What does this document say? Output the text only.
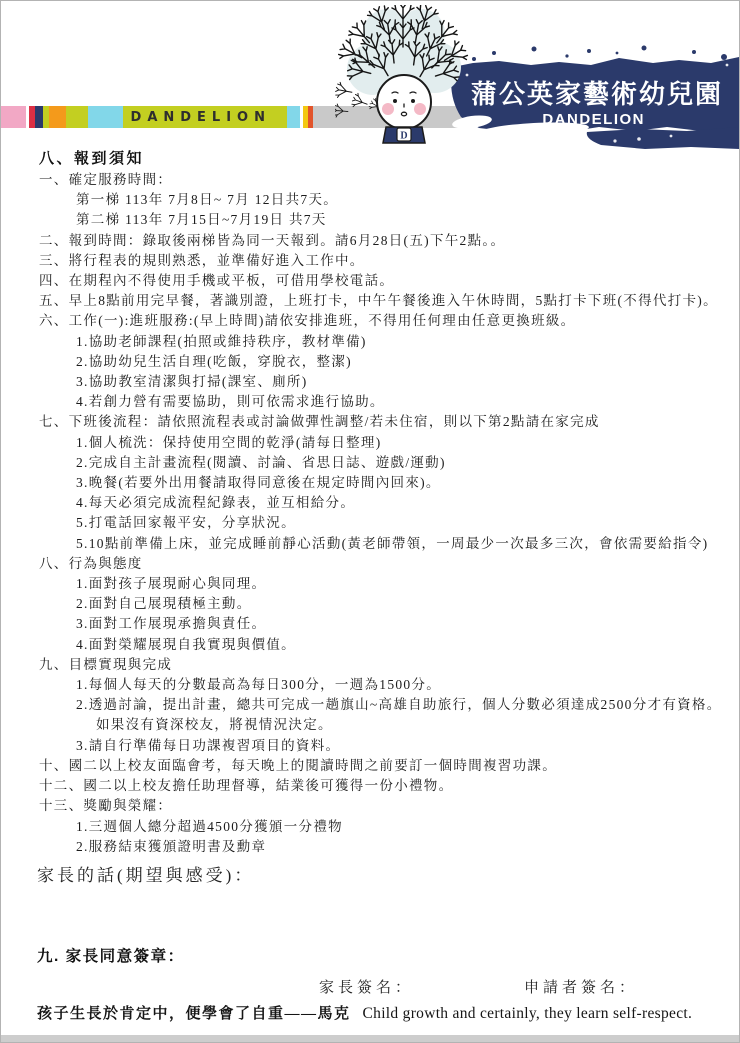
DANDELION
蒲公英家藝術幼兒園
DANDELION
Children
D
八、報到須知
一、確定服務時間：
第一梯 113年 7月8日~ 7月 12日共7天。
第二梯 113年 7月15日~7月19日 共7天
二、報到時間：錄取後兩梯皆為同一天報到。請6月28日(五)下午2點。。
三、將行程表的規則熟悉，並準備好進入工作中。
四、在期程內不得使用手機或平板，可借用學校電話。
五、早上8點前用完早餐，著識別證，上班打卡，中午午餐後進入午休時間，5點打卡下班(不得代打卡)。
六、工作(一):進班服務:(早上時間)請依安排進班，不得用任何理由任意更換班級。
1.協助老師課程(拍照或維持秩序，教材準備)
2.協助幼兒生活自理(吃飯，穿脫衣，整潔)
3.協助教室清潔與打掃(課室、廁所)
4.若創力營有需要協助，則可依需求進行協助。
七、下班後流程：請依照流程表或討論做彈性調整/若未住宿，則以下第2點請在家完成
1.個人梳洗：保持使用空間的乾淨(請每日整理)
2.完成自主計畫流程(閱讀、討論、省思日誌、遊戲/運動)
3.晚餐(若要外出用餐請取得同意後在規定時間內回來)。
4.每天必須完成流程紀錄表，並互相給分。
5.打電話回家報平安，分享狀況。
5.10點前準備上床，並完成睡前靜心活動(黃老師帶領，一周最少一次最多三次，會依需要給指令)
八、行為與態度
1.面對孩子展現耐心與同理。
2.面對自己展現積極主動。
3.面對工作展現承擔與責任。
4.面對榮耀展現自我實現與價值。
九、目標實現與完成
1.每個人每天的分數最高為每日300分，一週為1500分。
2.透過討論，提出計畫，總共可完成一趟旗山~高雄自助旅行，個人分數必須達成2500分才有資格。
如果沒有資深校友，將視情況決定。
3.請自行準備每日功課複習項目的資料。
十、國二以上校友面臨會考，每天晚上的閱讀時間之前要訂一個時間複習功課。
十二、國二以上校友擔任助理督導，結業後可獲得一份小禮物。
十三、獎勵與榮耀：
1.三週個人總分超過4500分獲頒一分禮物
2.服務結束獲頒證明書及勳章
家長的話(期望與感受)：
九. 家長同意簽章：
家長簽名：	申請者簽名：
孩子生長於肯定中，便學會了自重——馬克 Child growth and certainly, they learn self-respect.
